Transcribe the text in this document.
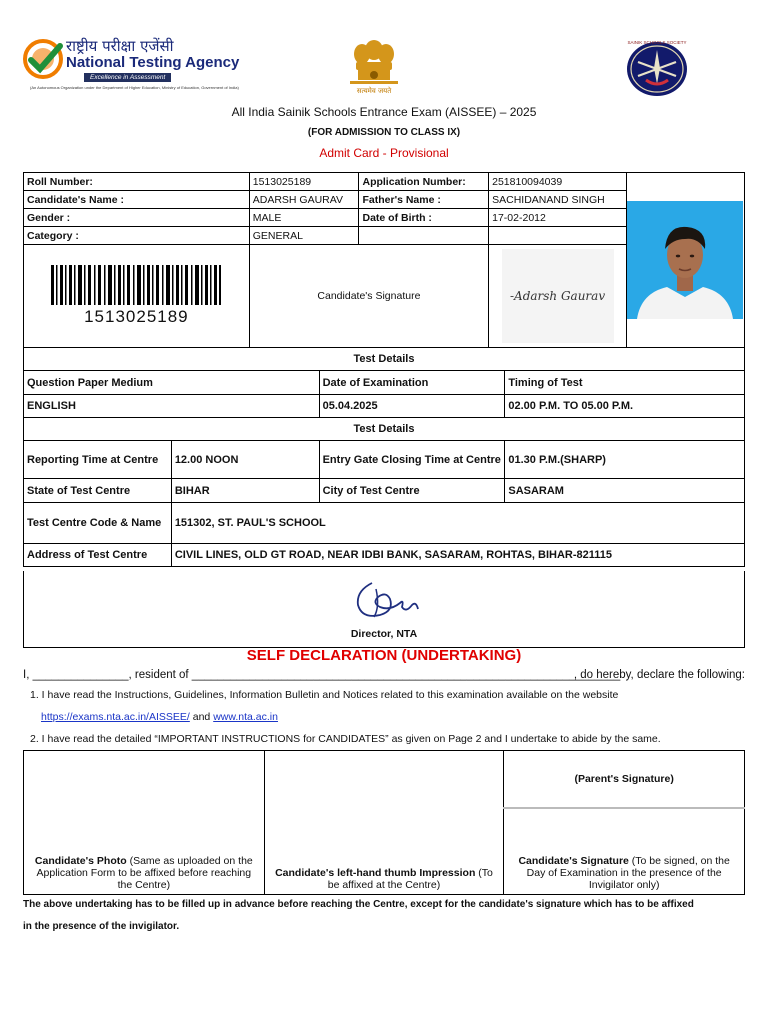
राष्ट्रीय परीक्षा एजेंसी
National Testing Agency
Excellence in Assessment
(An Autonomous Organization under the Department of Higher Education, Ministry of Education, Government of India)	सत्यमेव जयते
SAINIK SCHOOLS SOCIETY
All India Sainik Schools Entrance Exam (AISSEE) – 2025
(FOR ADMISSION TO CLASS IX)
Admit Card - Provisional
Roll Number:	1513025189	Application Number:	251810094039	

Candidate's Name :	ADARSH GAURAV	Father's Name :	SACHIDANAND SINGH	
Gender :	MALE	Date of Birth :	17-02-2012	
Category :	GENERAL			

1513025189	Candidate's Signature		-Adarsh Gaurav	
Test Details			
Question Paper Medium		Date of Examination	Timing of Test
ENGLISH		05.04.2025	02.00 P.M. TO 05.00 P.M.
Test Details			
Reporting Time at Centre	12.00 NOON	Entry Gate Closing Time at Centre	01.30 P.M.(SHARP)
State of Test Centre	BIHAR	City of Test Centre	SASARAM
Test Centre Code & Name	151302, ST. PAUL'S SCHOOL		
Address of Test Centre	CIVIL LINES, OLD GT ROAD, NEAR IDBI BANK, SASARAM, ROHTAS, BIHAR-821115		
Director, NTA
SELF DECLARATION (UNDERTAKING)
I, _______________, resident of ___________________________________________________________________
, do hereby, declare the following:
1. I have read the Instructions, Guidelines, Information Bulletin and Notices related to this examination available on the website
https://exams.nta.ac.in/AISSEE/ and www.nta.ac.in
2. I have read the detailed “IMPORTANT INSTRUCTIONS for CANDIDATES” as given on Page 2 and I undertake to abide by the same.
Candidate's Photo (Same as uploaded on the Application Form to be affixed before reaching the Centre)	Candidate's left-hand thumb Impression (To be affixed at the Centre)	(Parent's Signature)
Candidate's Signature (To be signed, on the Day of Examination in the presence of the Invigilator only)
The above undertaking has to be filled up in advance before reaching the Centre, except for the candidate's signature which has to be affixed
in the presence of the invigilator.
